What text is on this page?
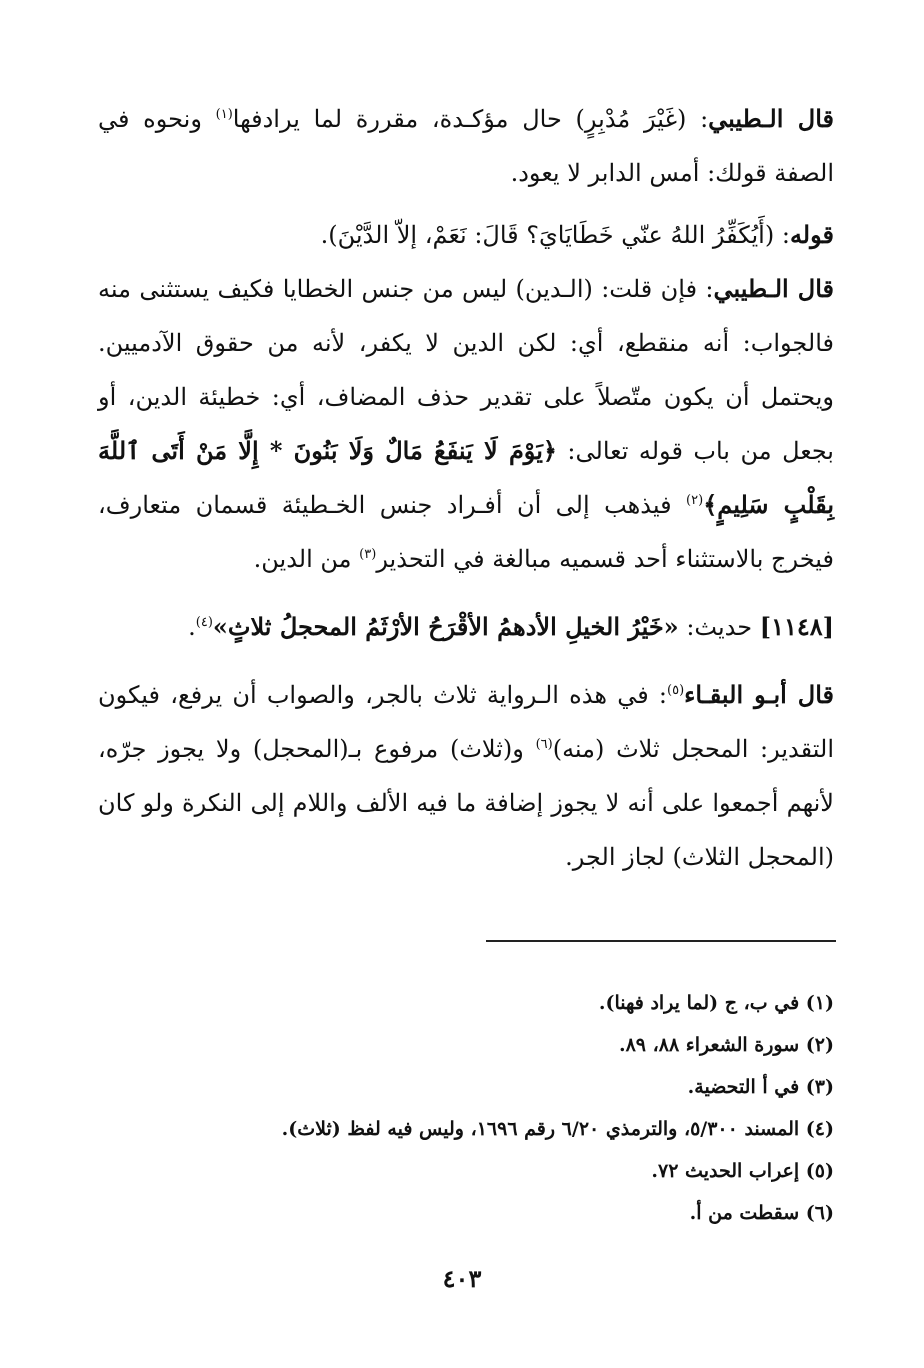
قال الـطيبي: (غَيْرَ مُدْبِرٍ) حال مؤكـدة، مقررة لما يرادفها$^{(١)}$ ونحوه في الصفة قولك: أمس الدابر لا يعود.

قوله: (أَيُكَفِّرُ اللهُ عنّي خَطَايَايَ؟ قَالَ: نَعَمْ، إلاّ الدَّيْنَ).

قال الـطيبي: فإن قلت: (الـدين) ليس من جنس الخطايا فكيف يستثنى منه فالجواب: أنه منقطع، أي: لكن الدين لا يكفر، لأنه من حقوق الآدميين. ويحتمل أن يكون متّصلاً على تقدير حذف المضاف، أي: خطيئة الدين، أو بجعل من باب قوله تعالى: ﴿يَوْمَ لَا يَنفَعُ مَالٌ وَلَا بَنُونَ * إِلَّا مَنْ أَتَى ٱللَّهَ بِقَلْبٍ سَلِيمٍ﴾$^{(٢)}$ فيذهب إلى أن أفـراد جنس الخـطيئة قسمان متعارف، فيخرج بالاستثناء أحد قسميه مبالغة في التحذير$^{(٣)}$ من الدين.

[١١٤٨] حديث: «خَيْرُ الخيلِ الأدهمُ الأقْرَحُ الأرْثَمُ المحجلُ ثلاثٍ»$^{(٤)}$.

قال أبـو البقـاء$^{(٥)}$: في هذه الـرواية ثلاث بالجر، والصواب أن يرفع، فيكون التقدير: المحجل ثلاث (منه)$^{(٦)}$ و(ثلاث) مرفوع بـ(المحجل) ولا يجوز جرّه، لأنهم أجمعوا على أنه لا يجوز إضافة ما فيه الألف واللام إلى النكرة ولو كان (المحجل الثلاث) لجاز الجر.

(١) في ب، ج (لما يراد فهنا).

(٢) سورة الشعراء ٨٨، ٨٩.

(٣) في أ التحضية.

(٤) المسند ٥/٣٠٠، والترمذي ٦/٢٠ رقم ١٦٩٦، وليس فيه لفظ (ثلاث).

(٥) إعراب الحديث ٧٢.

(٦) سقطت من أ.

٤٠٣
